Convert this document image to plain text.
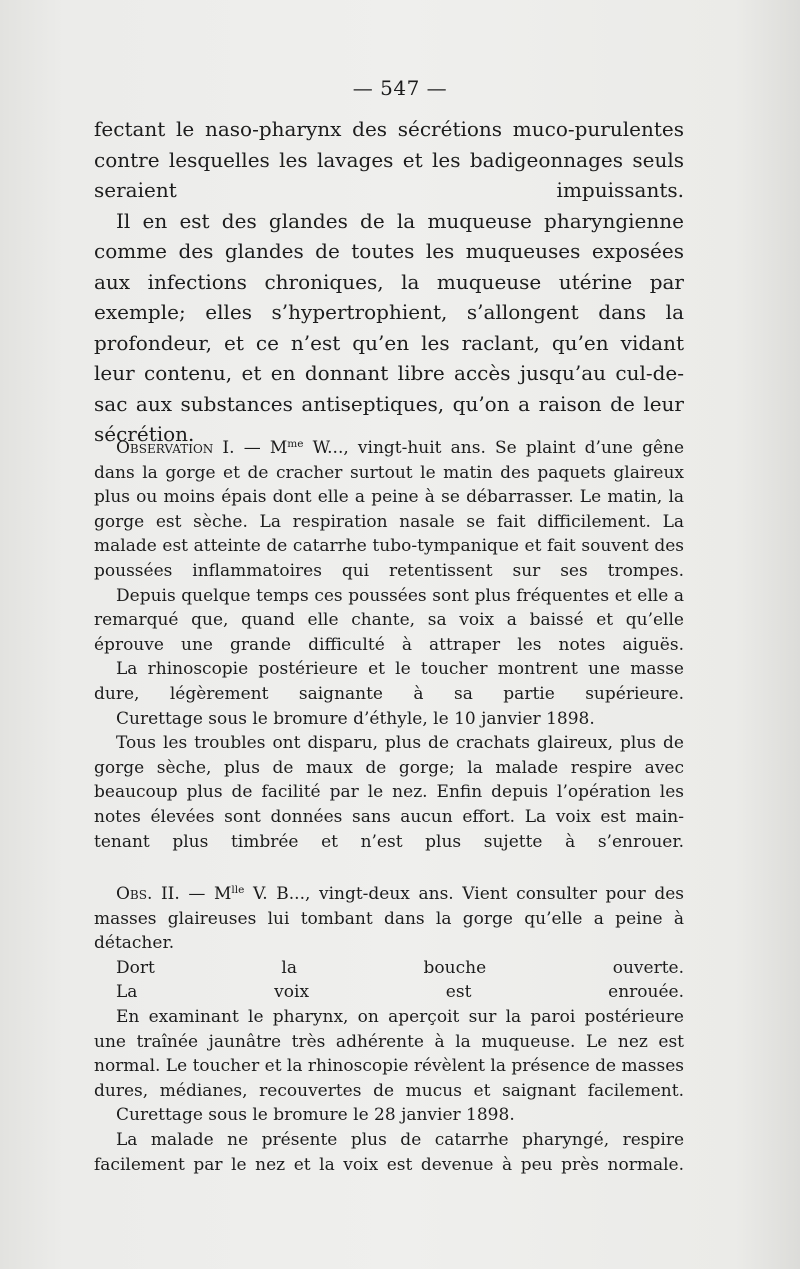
— 547 —

fectant le naso-pharynx des sécrétions muco-purulentes contre lesquelles les lavages et les badigeonnages seuls seraient impuissants.

Il en est des glandes de la muqueuse pharyngienne comme des glandes de toutes les muqueuses exposées aux infections chroniques, la muqueuse utérine par exemple; elles s’hypertrophient, s’allongent dans la profondeur, et ce n’est qu’en les raclant, qu’en vidant leur contenu, et en donnant libre accès jusqu’au cul-de-sac aux substances antiseptiques, qu’on a raison de leur sécrétion.

Observation I. — $M^{me}$ W..., vingt-huit ans. Se plaint d’une gêne dans la gorge et de cracher surtout le matin des paquets glaireux plus ou moins épais dont elle a peine à se débarrasser. Le matin, la gorge est sèche. La respiration nasale se fait difficilement. La malade est atteinte de catarrhe tubo-tympanique et fait souvent des poussées inflammatoires qui retentissent sur ses trompes.

Depuis quelque temps ces poussées sont plus fréquentes et elle a remarqué que, quand elle chante, sa voix a baissé et qu’elle éprouve une grande difficulté à attraper les notes aiguës.

La rhinoscopie postérieure et le toucher montrent une masse dure, légèrement saignante à sa partie supérieure.

Curettage sous le bromure d’éthyle, le 10 janvier 1898.

Tous les troubles ont disparu, plus de crachats glaireux, plus de gorge sèche, plus de maux de gorge; la malade respire avec beaucoup plus de facilité par le nez. Enfin depuis l’opération les notes élevées sont données sans aucun effort. La voix est main- tenant plus timbrée et n’est plus sujette à s’enrouer.

Obs. II. — $M^{lle}$ V. B..., vingt-deux ans. Vient consulter pour des masses glaireuses lui tombant dans la gorge qu’elle a peine à détacher.

Dort la bouche ouverte.

La voix est enrouée.

En examinant le pharynx, on aperçoit sur la paroi postérieure une traînée jaunâtre très adhérente à la muqueuse. Le nez est normal. Le toucher et la rhinoscopie révèlent la présence de masses dures, médianes, recouvertes de mucus et saignant facilement.

Curettage sous le bromure le 28 janvier 1898.

La malade ne présente plus de catarrhe pharyngé, respire facilement par le nez et la voix est devenue à peu près normale.
